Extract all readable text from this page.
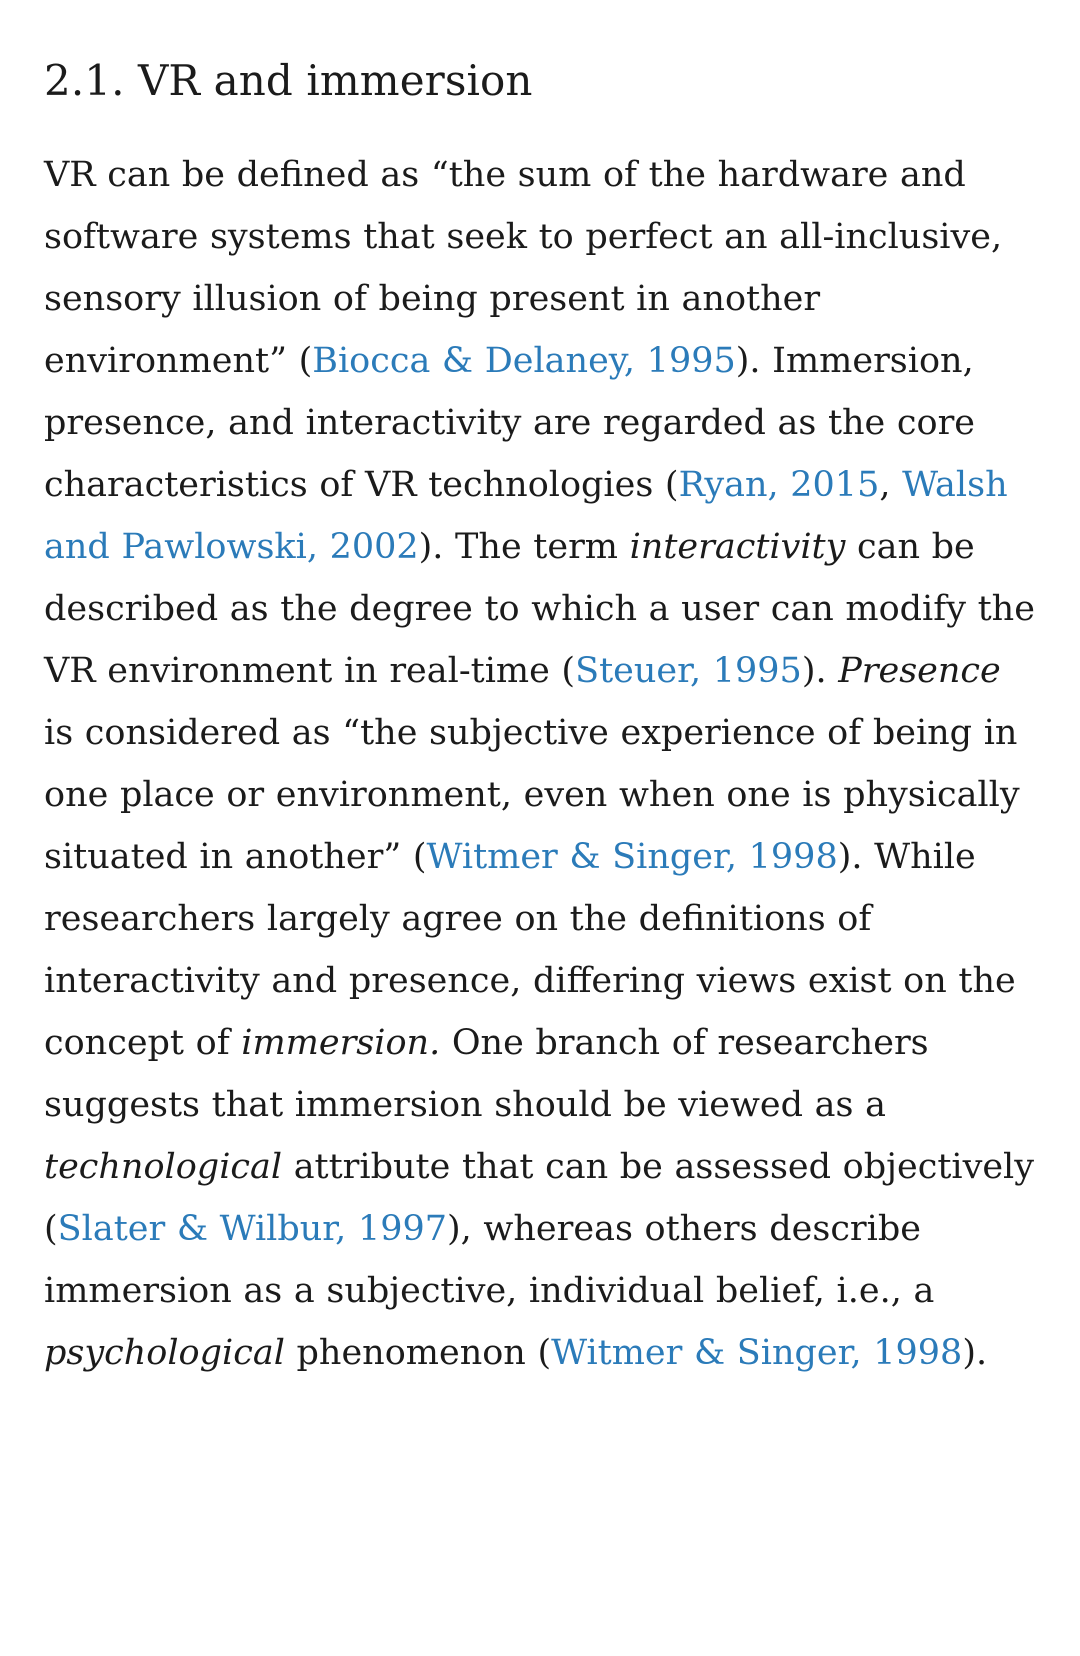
2.1. VR and immersion

VR can be defined as “the sum of the hardware and software systems that seek to perfect an all-inclusive, sensory illusion of being present in another environment” (Biocca & Delaney, 1995). Immersion, presence, and interactivity are regarded as the core characteristics of VR technologies (Ryan, 2015, Walsh and Pawlowski, 2002). The term interactivity can be described as the degree to which a user can modify the VR environment in real-time (Steuer, 1995). Presence is considered as “the subjective experience of being in one place or environment, even when one is physically situated in another” (Witmer & Singer, 1998). While researchers largely agree on the definitions of interactivity and presence, differing views exist on the concept of immersion. One branch of researchers suggests that immersion should be viewed as a technological attribute that can be assessed objectively (Slater & Wilbur, 1997), whereas others describe immersion as a subjective, individual belief, i.e., a psychological phenomenon (Witmer & Singer, 1998).
